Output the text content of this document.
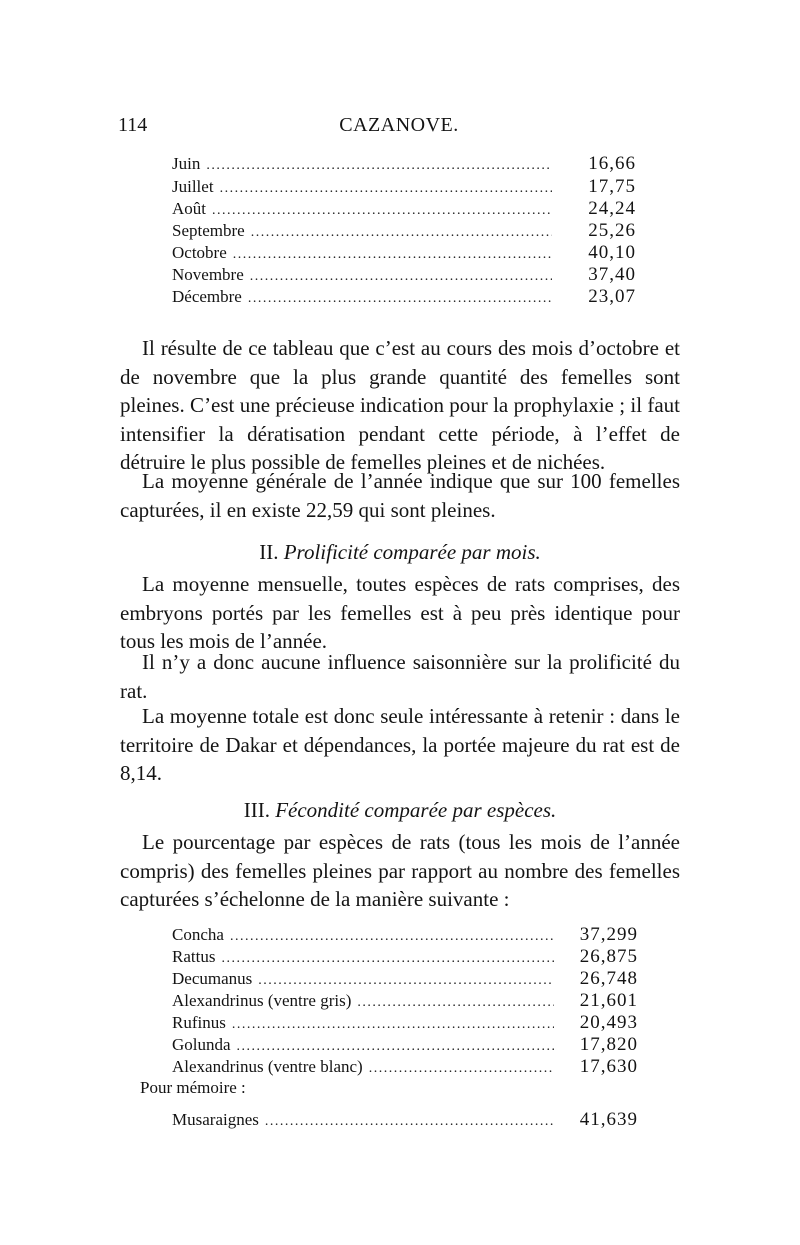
114	CAZANOVE.
Juin .....	16,66
Juillet .....	17,75
Août .....	24,24
Septembre .....	25,26
Octobre .....	40,10
Novembre .....	37,40
Décembre .....	23,07

Il résulte de ce tableau que c’est au cours des mois d’octobre et de novembre que la plus grande quantité des femelles sont pleines. C’est une précieuse indication pour la prophylaxie ; il faut intensifier la dératisation pendant cette période, à l’effet de détruire le plus possible de femelles pleines et de nichées.

La moyenne générale de l’année indique que sur 100 femelles capturées, il en existe 22,59 qui sont pleines.

II. Prolificité comparée par mois.

La moyenne mensuelle, toutes espèces de rats comprises, des embryons portés par les femelles est à peu près identique pour tous les mois de l’année.

Il n’y a donc aucune influence saisonnière sur la prolificité du rat.

La moyenne totale est donc seule intéressante à retenir : dans le territoire de Dakar et dépendances, la portée majeure du rat est de 8,14.

III. Fécondité comparée par espèces.

Le pourcentage par espèces de rats (tous les mois de l’année compris) des femelles pleines par rapport au nombre des femelles capturées s’échelonne de la manière suivante :

Concha .....	37,299
Rattus .....	26,875
Decumanus .....	26,748
Alexandrinus (ventre gris) .....	21,601
Rufinus .....	20,493
Golunda .....	17,820
Alexandrinus (ventre blanc) .....	17,630
Pour mémoire :
Musaraignes .....	41,639
